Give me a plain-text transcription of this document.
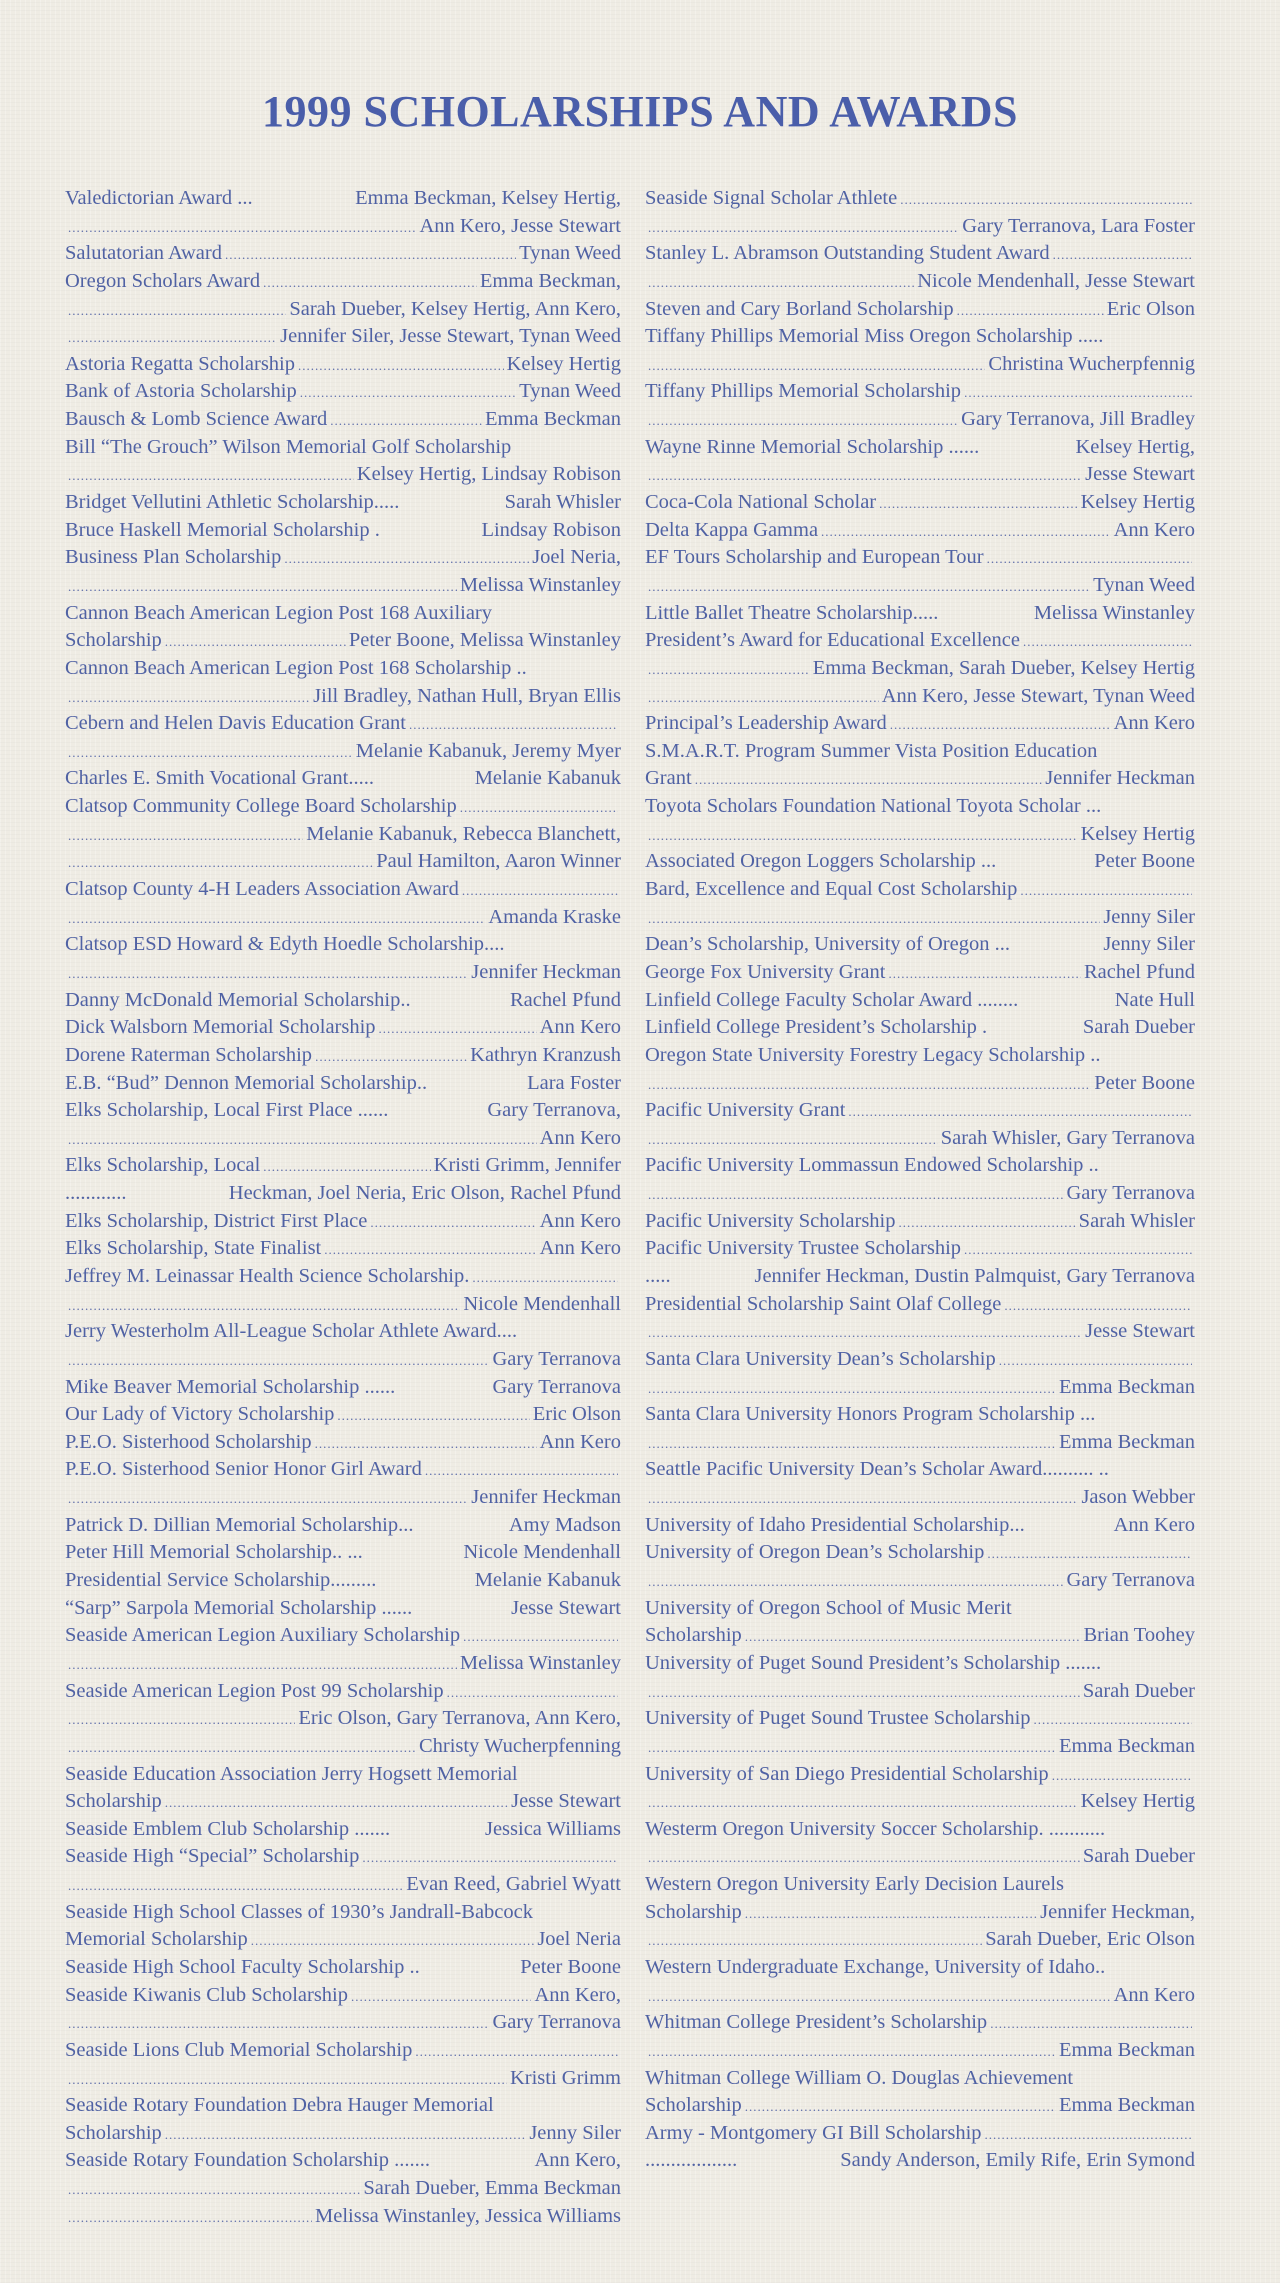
1999 SCHOLARSHIPS AND AWARDS
Valedictorian Award ...	Emma Beckman, Kelsey Hertig,
.....
Ann Kero, Jesse Stewart
Salutatorian Award .....	Tynan Weed
Oregon Scholars Award .....	Emma Beckman,
.....
Sarah Dueber, Kelsey Hertig, Ann Kero,
.....
Jennifer Siler, Jesse Stewart, Tynan Weed
Astoria Regatta Scholarship .....	Kelsey Hertig
Bank of Astoria Scholarship .....	Tynan Weed
Bausch & Lomb Science Award .....	Emma Beckman
Bill “The Grouch” Wilson Memorial Golf Scholarship
.....
Kelsey Hertig, Lindsay Robison
Bridget Vellutini Athletic Scholarship.....	Sarah Whisler
Bruce Haskell Memorial Scholarship .	Lindsay Robison
Business Plan Scholarship .....	Joel Neria,
.....
Melissa Winstanley
Cannon Beach American Legion Post 168 Auxiliary
Scholarship .....	Peter Boone, Melissa Winstanley
Cannon Beach American Legion Post 168 Scholarship ..
.....
Jill Bradley, Nathan Hull, Bryan Ellis
Cebern and Helen Davis Education Grant
.....
.....
Melanie Kabanuk, Jeremy Myer
Charles E. Smith Vocational Grant.....	Melanie Kabanuk
Clatsop Community College Board Scholarship
.....
.....
Melanie Kabanuk, Rebecca Blanchett,
.....
Paul Hamilton, Aaron Winner
Clatsop County 4-H Leaders Association Award
.....
.....
Amanda Kraske
Clatsop ESD Howard & Edyth Hoedle Scholarship....
.....
Jennifer Heckman
Danny McDonald Memorial Scholarship..	Rachel Pfund
Dick Walsborn Memorial Scholarship .....	Ann Kero
Dorene Raterman Scholarship .....	Kathryn Kranzush
E.B. “Bud” Dennon Memorial Scholarship..	Lara Foster
Elks Scholarship, Local First Place ......	Gary Terranova,
.....
Ann Kero
Elks Scholarship, Local .....	Kristi Grimm, Jennifer
............	Heckman, Joel Neria, Eric Olson, Rachel Pfund
Elks Scholarship, District First Place .....	Ann Kero
Elks Scholarship, State Finalist .....	Ann Kero
Jeffrey M. Leinassar Health Science Scholarship.
.....
.....
Nicole Mendenhall
Jerry Westerholm All-League Scholar Athlete Award....
.....
Gary Terranova
Mike Beaver Memorial Scholarship ......	Gary Terranova
Our Lady of Victory Scholarship .....	Eric Olson
P.E.O. Sisterhood Scholarship .....	Ann Kero
P.E.O. Sisterhood Senior Honor Girl Award
.....
.....
Jennifer Heckman
Patrick D. Dillian Memorial Scholarship...	Amy Madson
Peter Hill Memorial Scholarship.. ...	Nicole Mendenhall
Presidential Service Scholarship.........	Melanie Kabanuk
“Sarp” Sarpola Memorial Scholarship ......	Jesse Stewart
Seaside American Legion Auxiliary Scholarship
.....
.....
Melissa Winstanley
Seaside American Legion Post 99 Scholarship
.....
.....
Eric Olson, Gary Terranova, Ann Kero,
.....
Christy Wucherpfenning
Seaside Education Association Jerry Hogsett Memorial
Scholarship .....	Jesse Stewart
Seaside Emblem Club Scholarship .......	Jessica Williams
Seaside High “Special” Scholarship
.....
.....
Evan Reed, Gabriel Wyatt
Seaside High School Classes of 1930’s Jandrall-Babcock
Memorial Scholarship .....	Joel Neria
Seaside High School Faculty Scholarship ..	Peter Boone
Seaside Kiwanis Club Scholarship .....	Ann Kero,
.....
Gary Terranova
Seaside Lions Club Memorial Scholarship
.....
.....
Kristi Grimm
Seaside Rotary Foundation Debra Hauger Memorial
Scholarship .....	Jenny Siler
Seaside Rotary Foundation Scholarship .......	Ann Kero,
.....
Sarah Dueber, Emma Beckman
.....
Melissa Winstanley, Jessica Williams
Seaside Signal Scholar Athlete
.....
.....
Gary Terranova, Lara Foster
Stanley L. Abramson Outstanding Student Award
.....
.....
Nicole Mendenhall, Jesse Stewart
Steven and Cary Borland Scholarship .....	Eric Olson
Tiffany Phillips Memorial Miss Oregon Scholarship .....
.....
Christina Wucherpfennig
Tiffany Phillips Memorial Scholarship
.....
.....
Gary Terranova, Jill Bradley
Wayne Rinne Memorial Scholarship ......	Kelsey Hertig,
.....
Jesse Stewart
Coca-Cola National Scholar .....	Kelsey Hertig
Delta Kappa Gamma .....	Ann Kero
EF Tours Scholarship and European Tour
.....
.....
Tynan Weed
Little Ballet Theatre Scholarship.....	Melissa Winstanley
President’s Award for Educational Excellence
.....
.....
Emma Beckman, Sarah Dueber, Kelsey Hertig
.....
Ann Kero, Jesse Stewart, Tynan Weed
Principal’s Leadership Award .....	Ann Kero
S.M.A.R.T. Program Summer Vista Position Education
Grant .....	Jennifer Heckman
Toyota Scholars Foundation National Toyota Scholar ...
.....
Kelsey Hertig
Associated Oregon Loggers Scholarship ...	Peter Boone
Bard, Excellence and Equal Cost Scholarship
.....
.....
Jenny Siler
Dean’s Scholarship, University of Oregon ...	Jenny Siler
George Fox University Grant .....	Rachel Pfund
Linfield College Faculty Scholar Award ........	Nate Hull
Linfield College President’s Scholarship .	Sarah Dueber
Oregon State University Forestry Legacy Scholarship ..
.....
Peter Boone
Pacific University Grant
.....
.....
Sarah Whisler, Gary Terranova
Pacific University Lommassun Endowed Scholarship ..
.....
Gary Terranova
Pacific University Scholarship .....	Sarah Whisler
Pacific University Trustee Scholarship
.....
.....	Jennifer Heckman, Dustin Palmquist, Gary Terranova
Presidential Scholarship Saint Olaf College
.....
.....
Jesse Stewart
Santa Clara University Dean’s Scholarship
.....
.....
Emma Beckman
Santa Clara University Honors Program Scholarship ...
.....
Emma Beckman
Seattle Pacific University Dean’s Scholar Award.......... ..
.....
Jason Webber
University of Idaho Presidential Scholarship...	Ann Kero
University of Oregon Dean’s Scholarship
.....
.....
Gary Terranova
University of Oregon School of Music Merit
Scholarship .....	Brian Toohey
University of Puget Sound President’s Scholarship .......
.....
Sarah Dueber
University of Puget Sound Trustee Scholarship
.....
.....
Emma Beckman
University of San Diego Presidential Scholarship
.....
.....
Kelsey Hertig
Westerm Oregon University Soccer Scholarship. ...........
.....
Sarah Dueber
Western Oregon University Early Decision Laurels
Scholarship .....	Jennifer Heckman,
.....
Sarah Dueber, Eric Olson
Western Undergraduate Exchange, University of Idaho..
.....
Ann Kero
Whitman College President’s Scholarship
.....
.....
Emma Beckman
Whitman College William O. Douglas Achievement
Scholarship .....	Emma Beckman
Army - Montgomery GI Bill Scholarship
.....
..................	Sandy Anderson, Emily Rife, Erin Symond
